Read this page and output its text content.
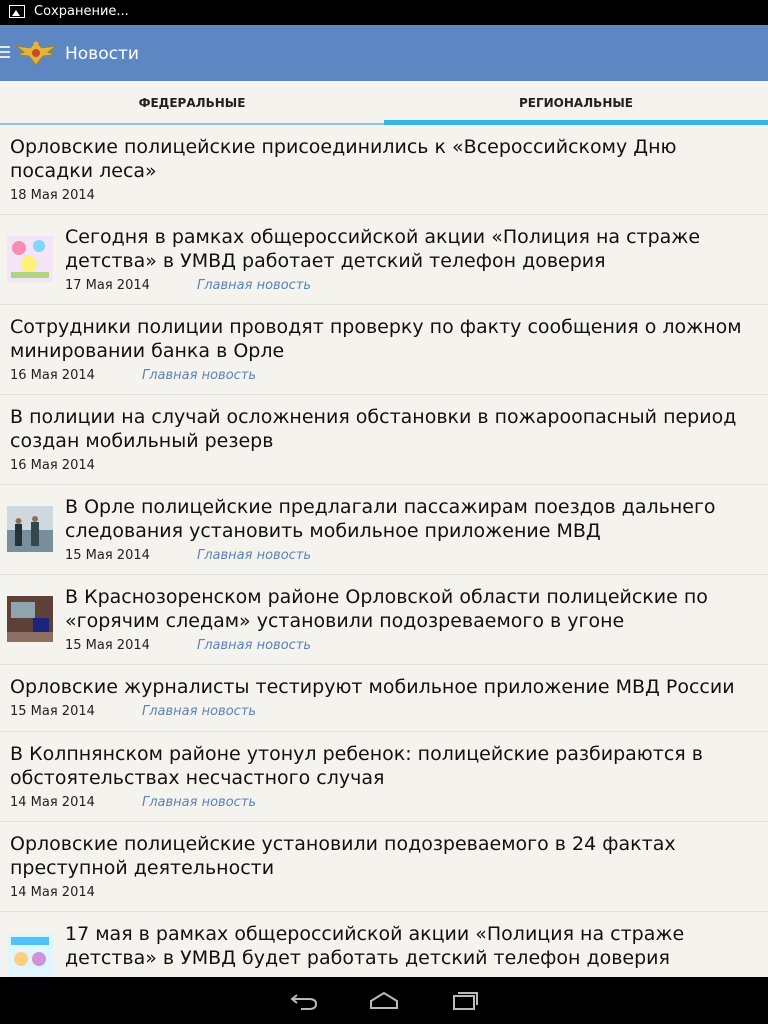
Сохранение...
Новости
ФЕДЕРАЛЬНЫЕ	РЕГИОНАЛЬНЫЕ
Орловские полицейские присоединились к «Всероссийскому Дню посадки леса»
18 Мая 2014
Сегодня в рамках общероссийской акции «Полиция на страже детства» в УМВД работает детский телефон доверия
17 Мая 2014	Главная новость
Сотрудники полиции проводят проверку по факту сообщения о ложном минировании банка в Орле
16 Мая 2014	Главная новость
В полиции на случай осложнения обстановки в пожароопасный период создан мобильный резерв
16 Мая 2014
В Орле полицейские предлагали пассажирам поездов дальнего следования установить мобильное приложение МВД
15 Мая 2014	Главная новость
В Краснозоренском районе Орловской области полицейские по «горячим следам» установили подозреваемого в угоне
15 Мая 2014	Главная новость
Орловские журналисты тестируют мобильное приложение МВД России
15 Мая 2014	Главная новость
В Колпнянском районе утонул ребенок: полицейские разбираются в обстоятельствах несчастного случая
14 Мая 2014	Главная новость
Орловские полицейские установили подозреваемого в 24 фактах преступной деятельности
14 Мая 2014
17 мая в рамках общероссийской акции «Полиция на страже детства» в УМВД будет работать детский телефон доверия
